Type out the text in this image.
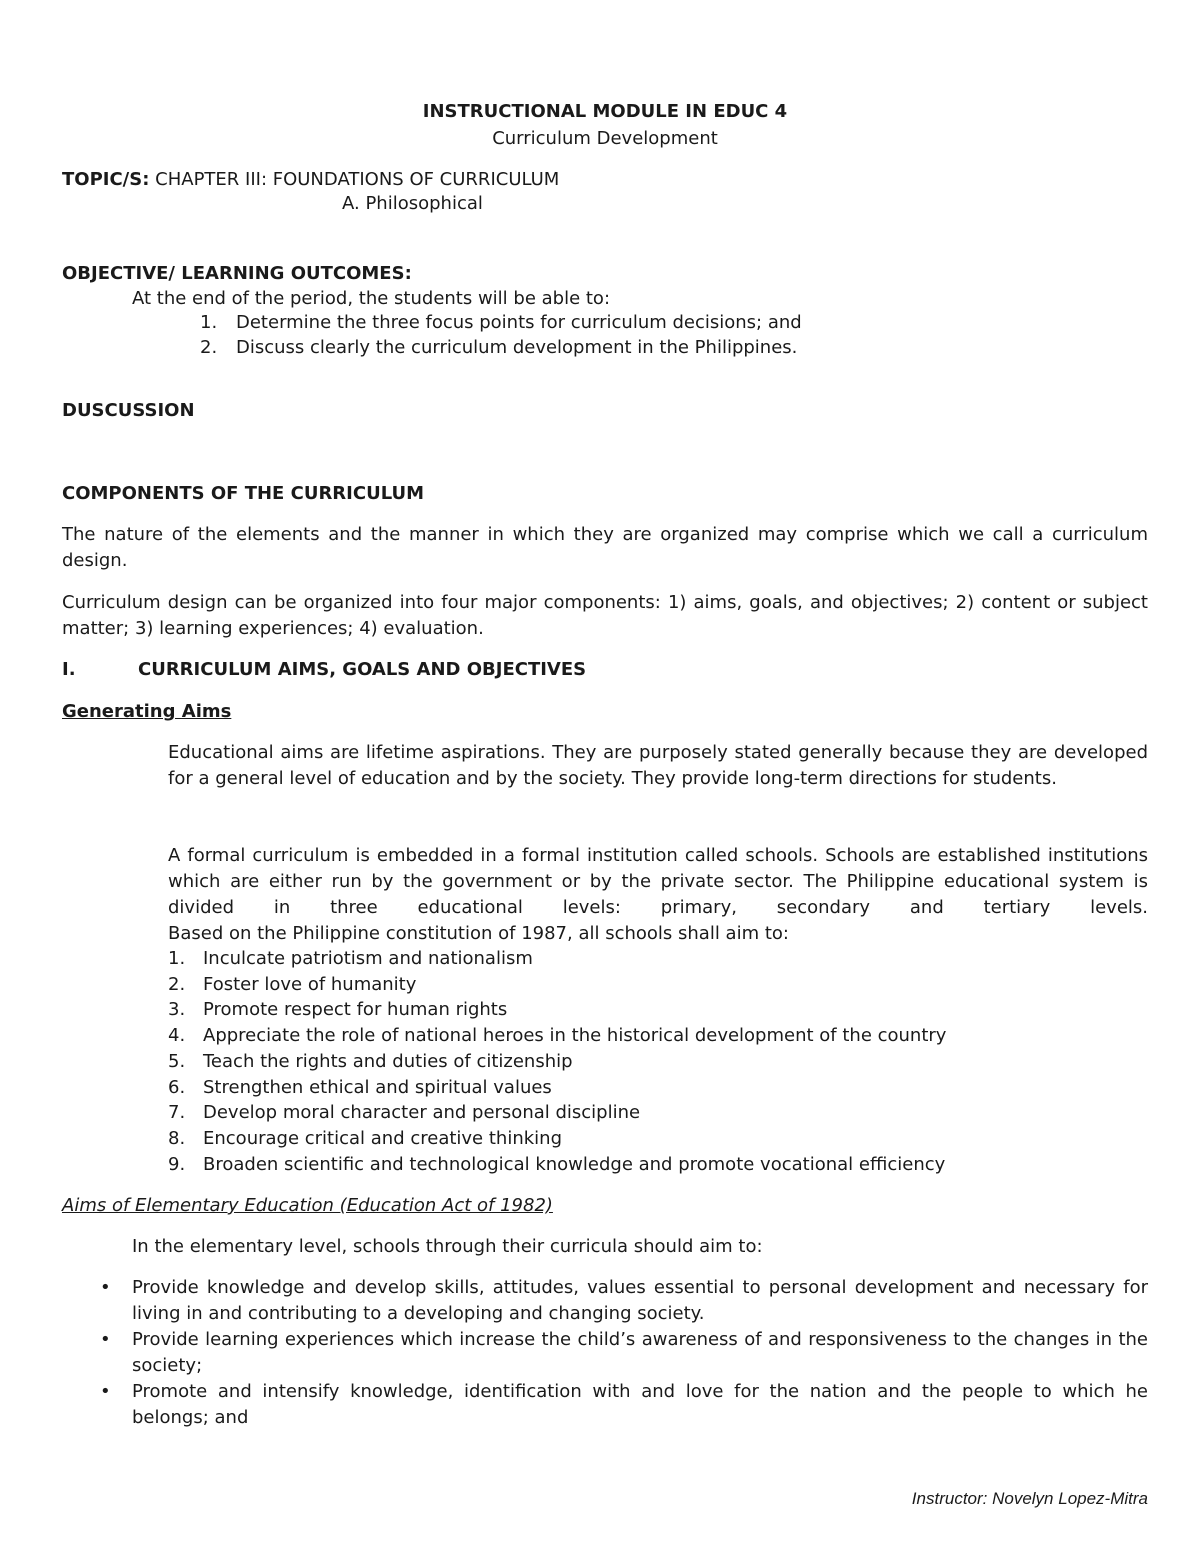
INSTRUCTIONAL MODULE IN EDUC 4
Curriculum Development
TOPIC/S: CHAPTER III: FOUNDATIONS OF CURRICULUM
A. Philosophical
OBJECTIVE/ LEARNING OUTCOMES:
At the end of the period, the students will be able to:
1. Determine the three focus points for curriculum decisions; and
2. Discuss clearly the curriculum development in the Philippines.
DUSCUSSION
COMPONENTS OF THE CURRICULUM
The nature of the elements and the manner in which they are organized may comprise which we call a curriculum design.
Curriculum design can be organized into four major components: 1) aims, goals, and objectives; 2) content or subject matter; 3) learning experiences; 4) evaluation.
I.	CURRICULUM AIMS, GOALS AND OBJECTIVES
Generating Aims
Educational aims are lifetime aspirations. They are purposely stated generally because they are developed for a general level of education and by the society. They provide long-term directions for students.
A formal curriculum is embedded in a formal institution called schools. Schools are established institutions which are either run by the government or by the private sector. The Philippine educational system is divided in three educational levels: primary, secondary and tertiary levels.
Based on the Philippine constitution of 1987, all schools shall aim to:
1. Inculcate patriotism and nationalism
2. Foster love of humanity
3. Promote respect for human rights
4. Appreciate the role of national heroes in the historical development of the country
5. Teach the rights and duties of citizenship
6. Strengthen ethical and spiritual values
7. Develop moral character and personal discipline
8. Encourage critical and creative thinking
9. Broaden scientific and technological knowledge and promote vocational efficiency
Aims of Elementary Education (Education Act of 1982)
In the elementary level, schools through their curricula should aim to:
• Provide knowledge and develop skills, attitudes, values essential to personal development and necessary for living in and contributing to a developing and changing society.
• Provide learning experiences which increase the child’s awareness of and responsiveness to the changes in the society;
• Promote and intensify knowledge, identification with and love for the nation and the people to which he belongs; and
Instructor: Novelyn Lopez-Mitra
